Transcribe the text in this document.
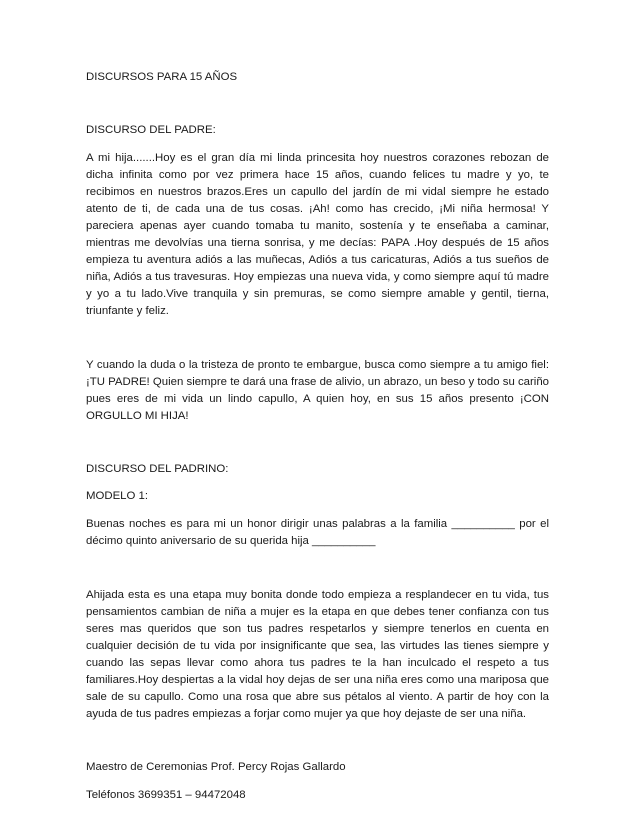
DISCURSOS PARA 15 AÑOS

DISCURSO DEL PADRE:

A mi hija.......Hoy es el gran día mi linda princesita hoy nuestros corazones rebozan de dicha infinita como por vez primera hace 15 años, cuando felices tu madre y yo, te recibimos en nuestros brazos.Eres un capullo del jardín de mi vidal siempre he estado atento de ti, de cada una de tus cosas. ¡Ah! como has crecido, ¡Mi niña hermosa! Y pareciera apenas ayer cuando tomaba tu manito, sostenía y te enseñaba a caminar, mientras me devolvías una tierna sonrisa, y me decías: PAPA .Hoy después de 15 años empieza tu aventura adiós a las muñecas, Adiós a tus caricaturas, Adiós a tus sueños de niña, Adiós a tus travesuras. Hoy empiezas una nueva vida, y como siempre aquí tú madre y yo a tu lado.Vive tranquila y sin premuras, se como siempre amable y gentil, tierna, triunfante y feliz.

Y cuando la duda o la tristeza de pronto te embargue, busca como siempre a tu amigo fiel: ¡TU PADRE! Quien siempre te dará una frase de alivio, un abrazo, un beso y todo su cariño pues eres de mi vida un lindo capullo, A quien hoy, en sus 15 años presento ¡CON ORGULLO MI HIJA!

DISCURSO DEL PADRINO:

MODELO 1:

Buenas noches es para mi un honor dirigir unas palabras a la familia __________ por el décimo quinto aniversario de su querida hija __________

Ahijada esta es una etapa muy bonita donde todo empieza a resplandecer en tu vida, tus pensamientos cambian de niña a mujer es la etapa en que debes tener confianza con tus seres mas queridos que son tus padres respetarlos y siempre tenerlos en cuenta en cualquier decisión de tu vida por insignificante que sea, las virtudes las tienes siempre y cuando las sepas llevar como ahora tus padres te la han inculcado el respeto a tus familiares.Hoy despiertas a la vidal hoy dejas de ser una niña eres como una mariposa que sale de su capullo. Como una rosa que abre sus pétalos al viento. A partir de hoy con la ayuda de tus padres empiezas a forjar como mujer ya que hoy dejaste de ser una niña.

Maestro de Ceremonias Prof. Percy Rojas Gallardo

Teléfonos 3699351 – 94472048
